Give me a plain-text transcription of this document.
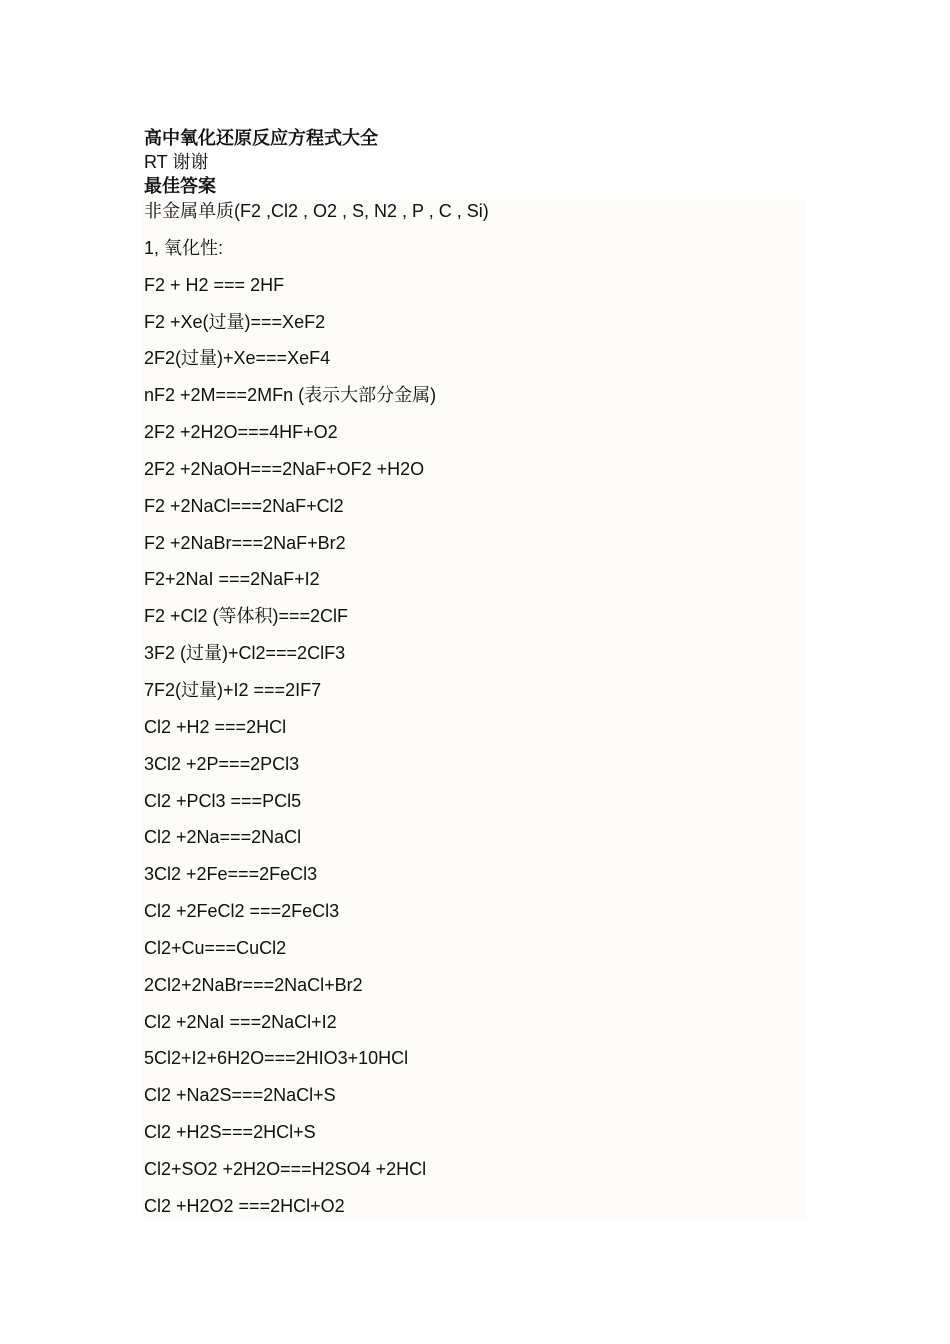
高中氧化还原反应方程式大全
RT 谢谢
最佳答案
非金属单质(F2 ,Cl2 , O2 , S, N2 , P , C , Si)
1, 氧化性:
F2 + H2 === 2HF
F2 +Xe(过量)===XeF2
2F2(过量)+Xe===XeF4
nF2 +2M===2MFn (表示大部分金属)
2F2 +2H2O===4HF+O2
2F2 +2NaOH===2NaF+OF2 +H2O
F2 +2NaCl===2NaF+Cl2
F2 +2NaBr===2NaF+Br2
F2+2NaI ===2NaF+I2
F2 +Cl2 (等体积)===2ClF
3F2 (过量)+Cl2===2ClF3
7F2(过量)+I2 ===2IF7
Cl2 +H2 ===2HCl
3Cl2 +2P===2PCl3
Cl2 +PCl3 ===PCl5
Cl2 +2Na===2NaCl
3Cl2 +2Fe===2FeCl3
Cl2 +2FeCl2 ===2FeCl3
Cl2+Cu===CuCl2
2Cl2+2NaBr===2NaCl+Br2
Cl2 +2NaI ===2NaCl+I2
5Cl2+I2+6H2O===2HIO3+10HCl
Cl2 +Na2S===2NaCl+S
Cl2 +H2S===2HCl+S
Cl2+SO2 +2H2O===H2SO4 +2HCl
Cl2 +H2O2 ===2HCl+O2
